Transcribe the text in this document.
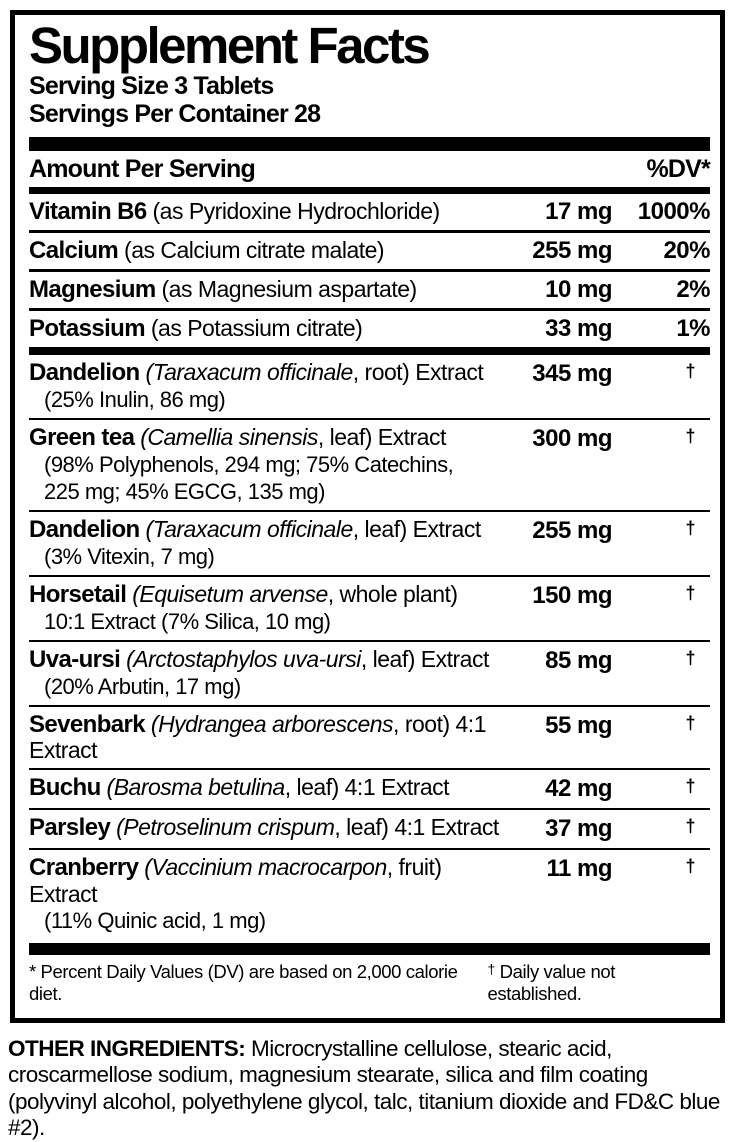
Supplement Facts
Serving Size 3 Tablets
Servings Per Container 28
Amount Per Serving	%DV*
Vitamin B6 (as Pyridoxine Hydrochloride)	17 mg	1000%
Calcium (as Calcium citrate malate)	255 mg	20%
Magnesium (as Magnesium aspartate)	10 mg	2%
Potassium (as Potassium citrate)	33 mg	1%
Dandelion (Taraxacum officinale, root) Extract
(25% Inulin, 86 mg)
345 mg	†
Green tea (Camellia sinensis, leaf) Extract
(98% Polyphenols, 294 mg; 75% Catechins,
225 mg; 45% EGCG, 135 mg)
300 mg	†
Dandelion (Taraxacum officinale, leaf) Extract
(3% Vitexin, 7 mg)
255 mg	†
Horsetail (Equisetum arvense, whole plant)
10:1 Extract (7% Silica, 10 mg)
150 mg	†
Uva-ursi (Arctostaphylos uva-ursi, leaf) Extract
(20% Arbutin, 17 mg)
85 mg	†
Sevenbark (Hydrangea arborescens, root) 4:1 Extract
55 mg	†
Buchu (Barosma betulina, leaf) 4:1 Extract	42 mg	†
Parsley (Petroselinum crispum, leaf) 4:1 Extract	37 mg	†
Cranberry (Vaccinium macrocarpon, fruit) Extract
(11% Quinic acid, 1 mg)
11 mg	†
* Percent Daily Values (DV) are based on 2,000 calorie diet.
† Daily value not established.

OTHER INGREDIENTS: Microcrystalline cellulose, stearic acid, croscarmellose sodium, magnesium stearate, silica and film coating (polyvinyl alcohol, polyethylene glycol, talc, titanium dioxide and FD&C blue #2).
